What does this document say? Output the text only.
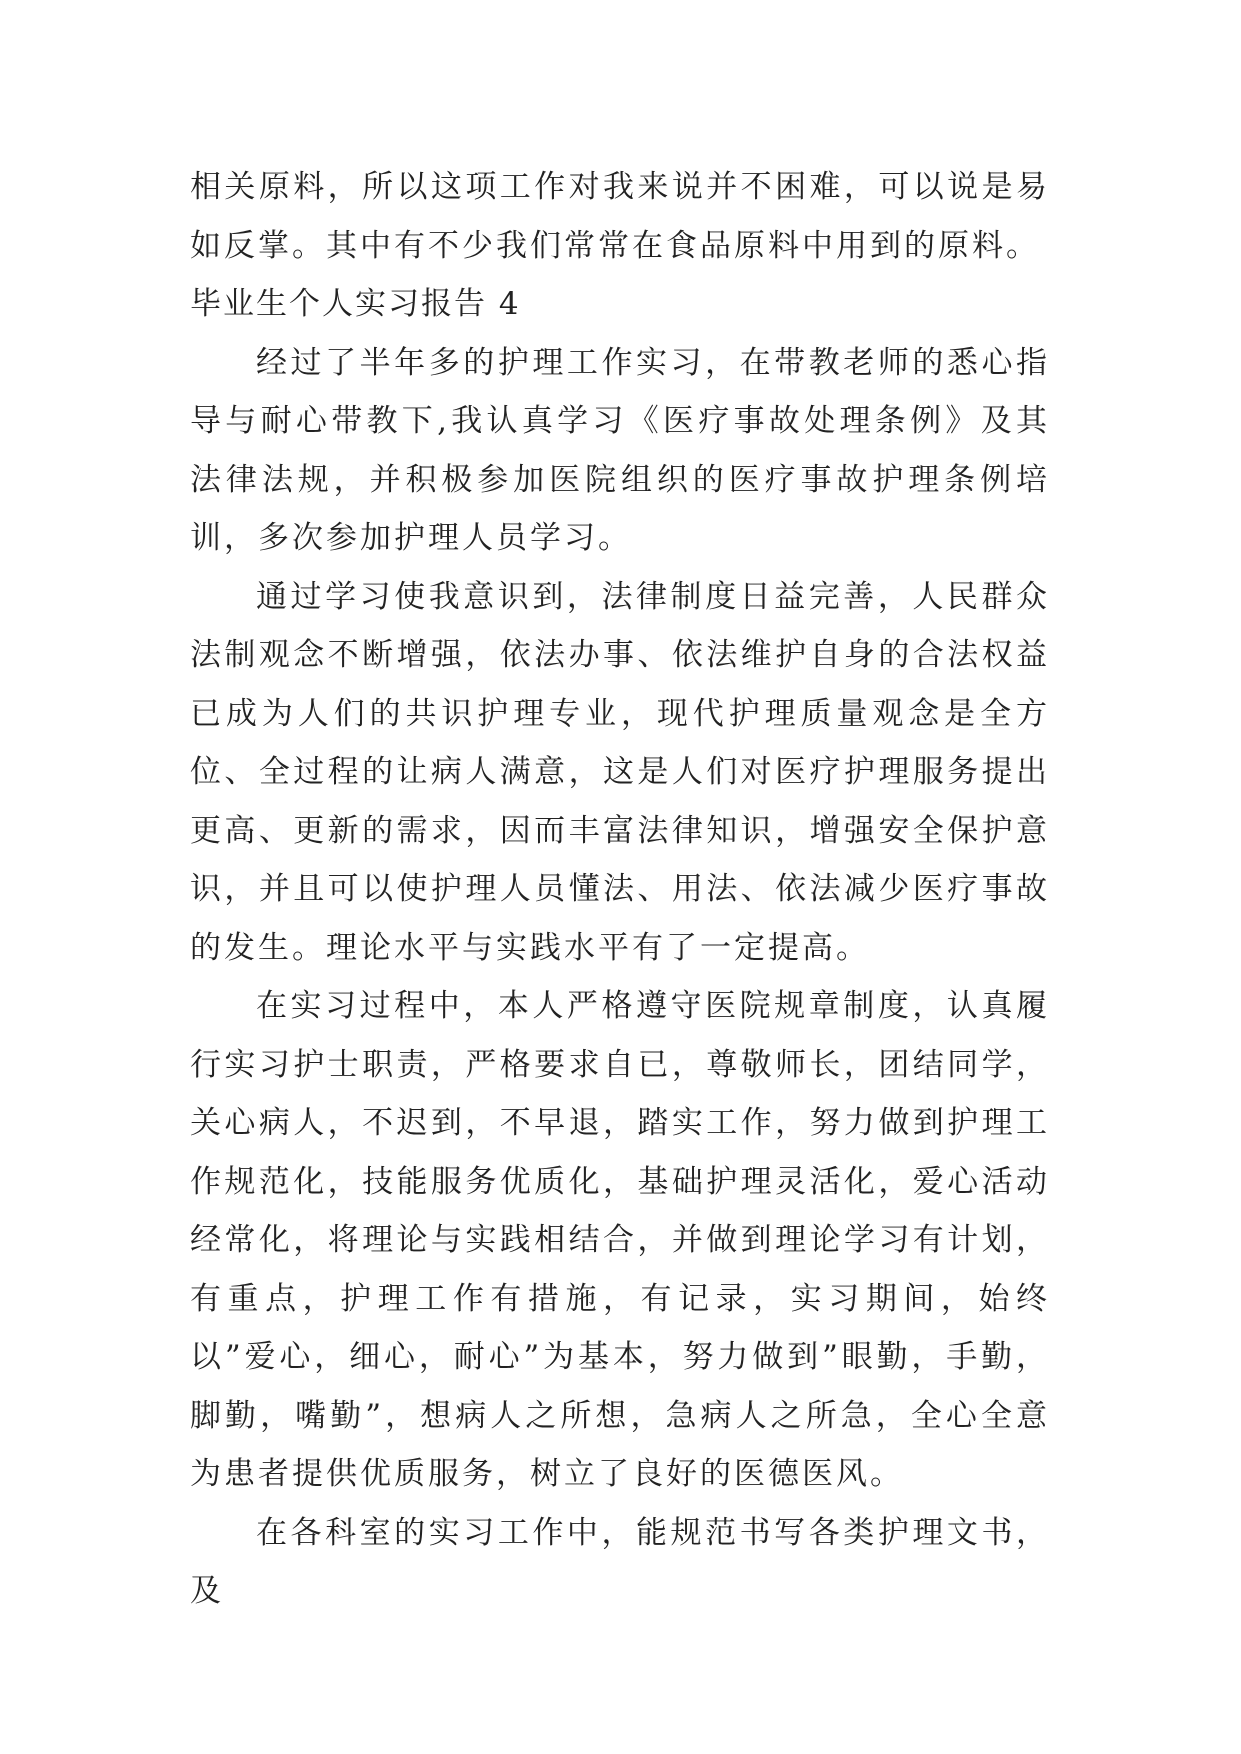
相关原料，所以这项工作对我来说并不困难，可以说是易如反掌。其中有不少我们常常在食品原料中用到的原料。

毕业生个人实习报告 4

经过了半年多的护理工作实习，在带教老师的悉心指导与耐心带教下,我认真学习《医疗事故处理条例》及其法律法规，并积极参加医院组织的医疗事故护理条例培训，多次参加护理人员学习。

通过学习使我意识到，法律制度日益完善，人民群众法制观念不断增强，依法办事、依法维护自身的合法权益已成为人们的共识护理专业，现代护理质量观念是全方位、全过程的让病人满意，这是人们对医疗护理服务提出更高、更新的需求，因而丰富法律知识，增强安全保护意识，并且可以使护理人员懂法、用法、依法减少医疗事故的发生。理论水平与实践水平有了一定提高。

在实习过程中，本人严格遵守医院规章制度，认真履行实习护士职责，严格要求自已，尊敬师长，团结同学，关心病人，不迟到，不早退，踏实工作，努力做到护理工作规范化，技能服务优质化，基础护理灵活化，爱心活动经常化，将理论与实践相结合，并做到理论学习有计划，有重点，护理工作有措施，有记录，实习期间，始终以”爱心，细心，耐心”为基本，努力做到”眼勤，手勤，脚勤，嘴勤”，想病人之所想，急病人之所急，全心全意为患者提供优质服务，树立了良好的医德医风。

在各科室的实习工作中，能规范书写各类护理文书，及
